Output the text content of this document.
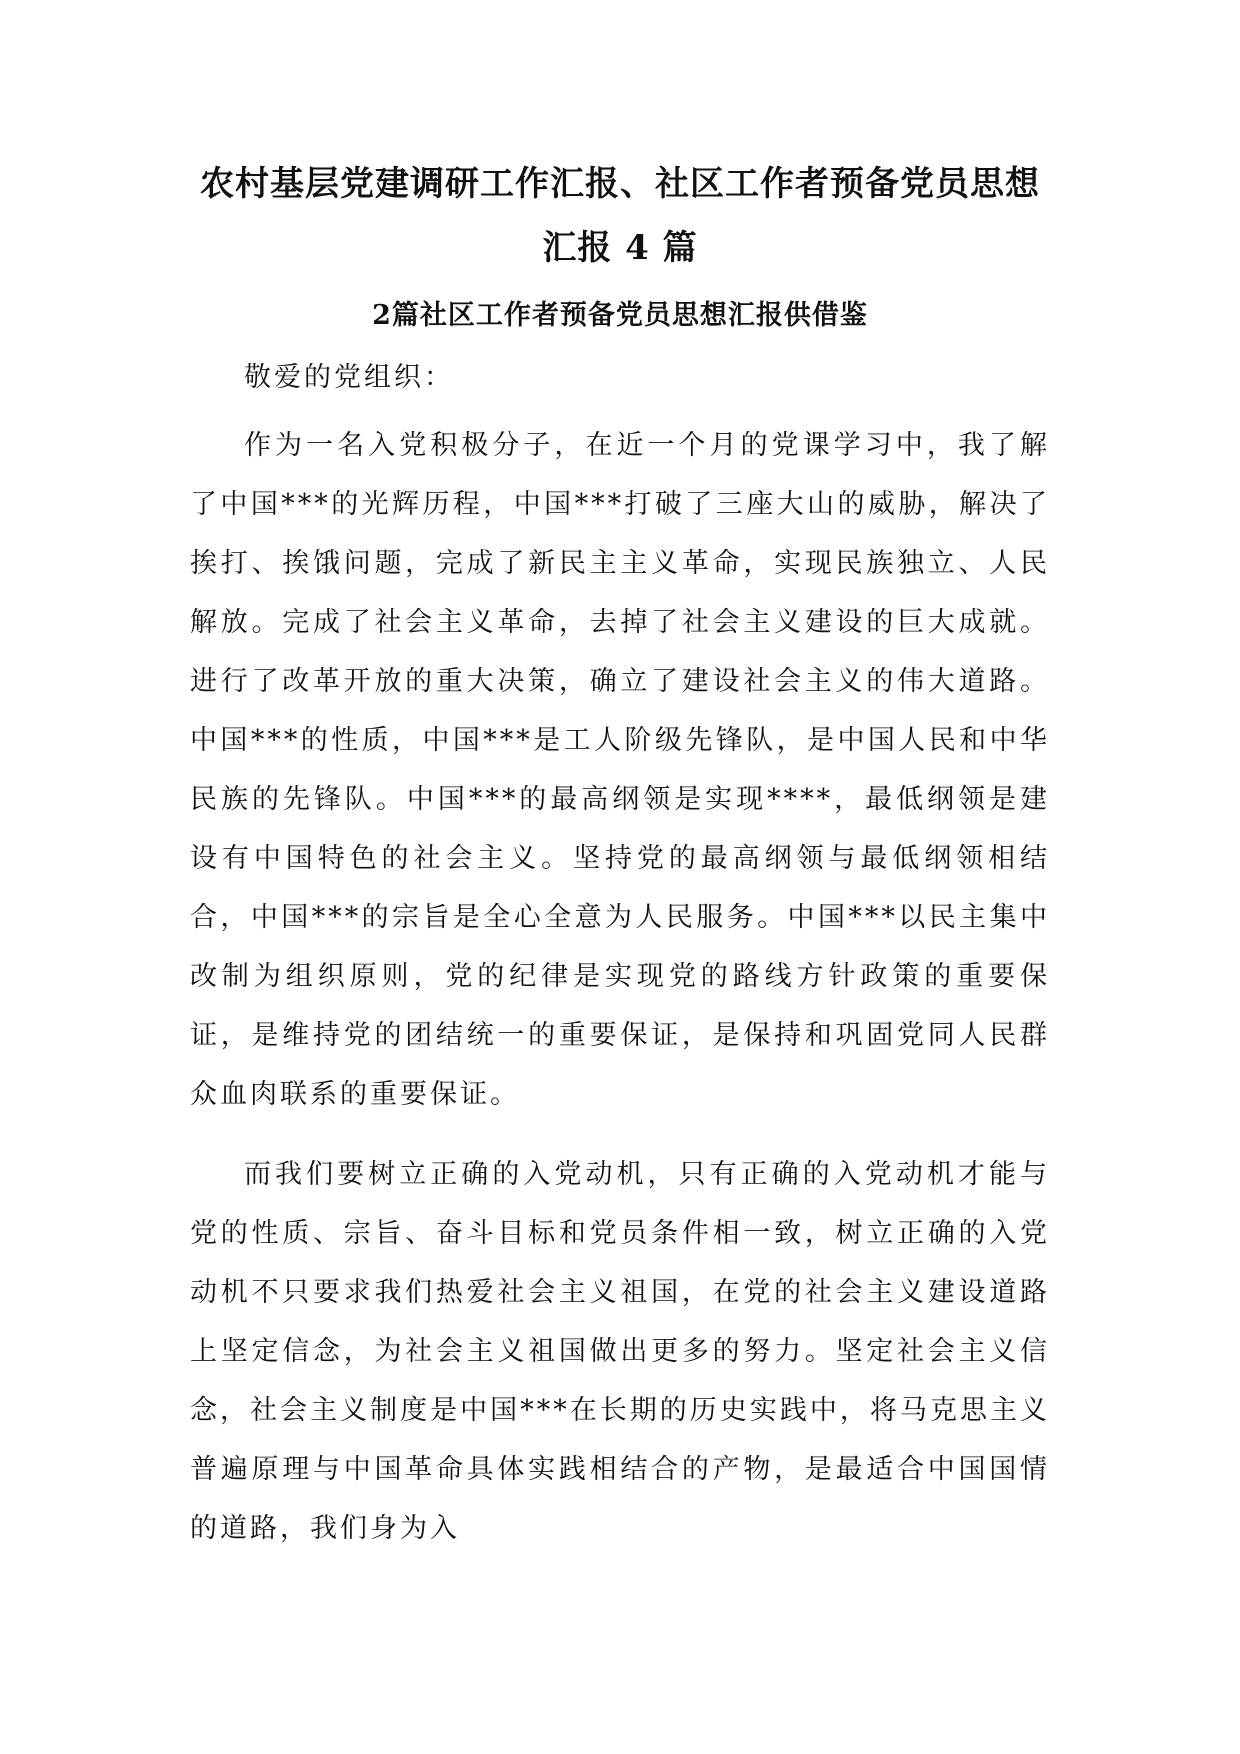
农村基层党建调研工作汇报、社区工作者预备党员思想汇报 4 篇
2篇社区工作者预备党员思想汇报供借鉴

敬爱的党组织：

作为一名入党积极分子，在近一个月的党课学习中，我了解了中国***的光辉历程，中国***打破了三座大山的威胁，解决了挨打、挨饿问题，完成了新民主主义革命，实现民族独立、人民解放。完成了社会主义革命，去掉了社会主义建设的巨大成就。进行了改革开放的重大决策，确立了建设社会主义的伟大道路。中国***的性质，中国***是工人阶级先锋队，是中国人民和中华民族的先锋队。中国***的最高纲领是实现****，最低纲领是建设有中国特色的社会主义。坚持党的最高纲领与最低纲领相结合，中国***的宗旨是全心全意为人民服务。中国***以民主集中改制为组织原则，党的纪律是实现党的路线方针政策的重要保证，是维持党的团结统一的重要保证，是保持和巩固党同人民群众血肉联系的重要保证。

而我们要树立正确的入党动机，只有正确的入党动机才能与党的性质、宗旨、奋斗目标和党员条件相一致，树立正确的入党动机不只要求我们热爱社会主义祖国，在党的社会主义建设道路上坚定信念，为社会主义祖国做出更多的努力。坚定社会主义信念，社会主义制度是中国***在长期的历史实践中，将马克思主义普遍原理与中国革命具体实践相结合的产物，是最适合中国国情的道路，我们身为入
